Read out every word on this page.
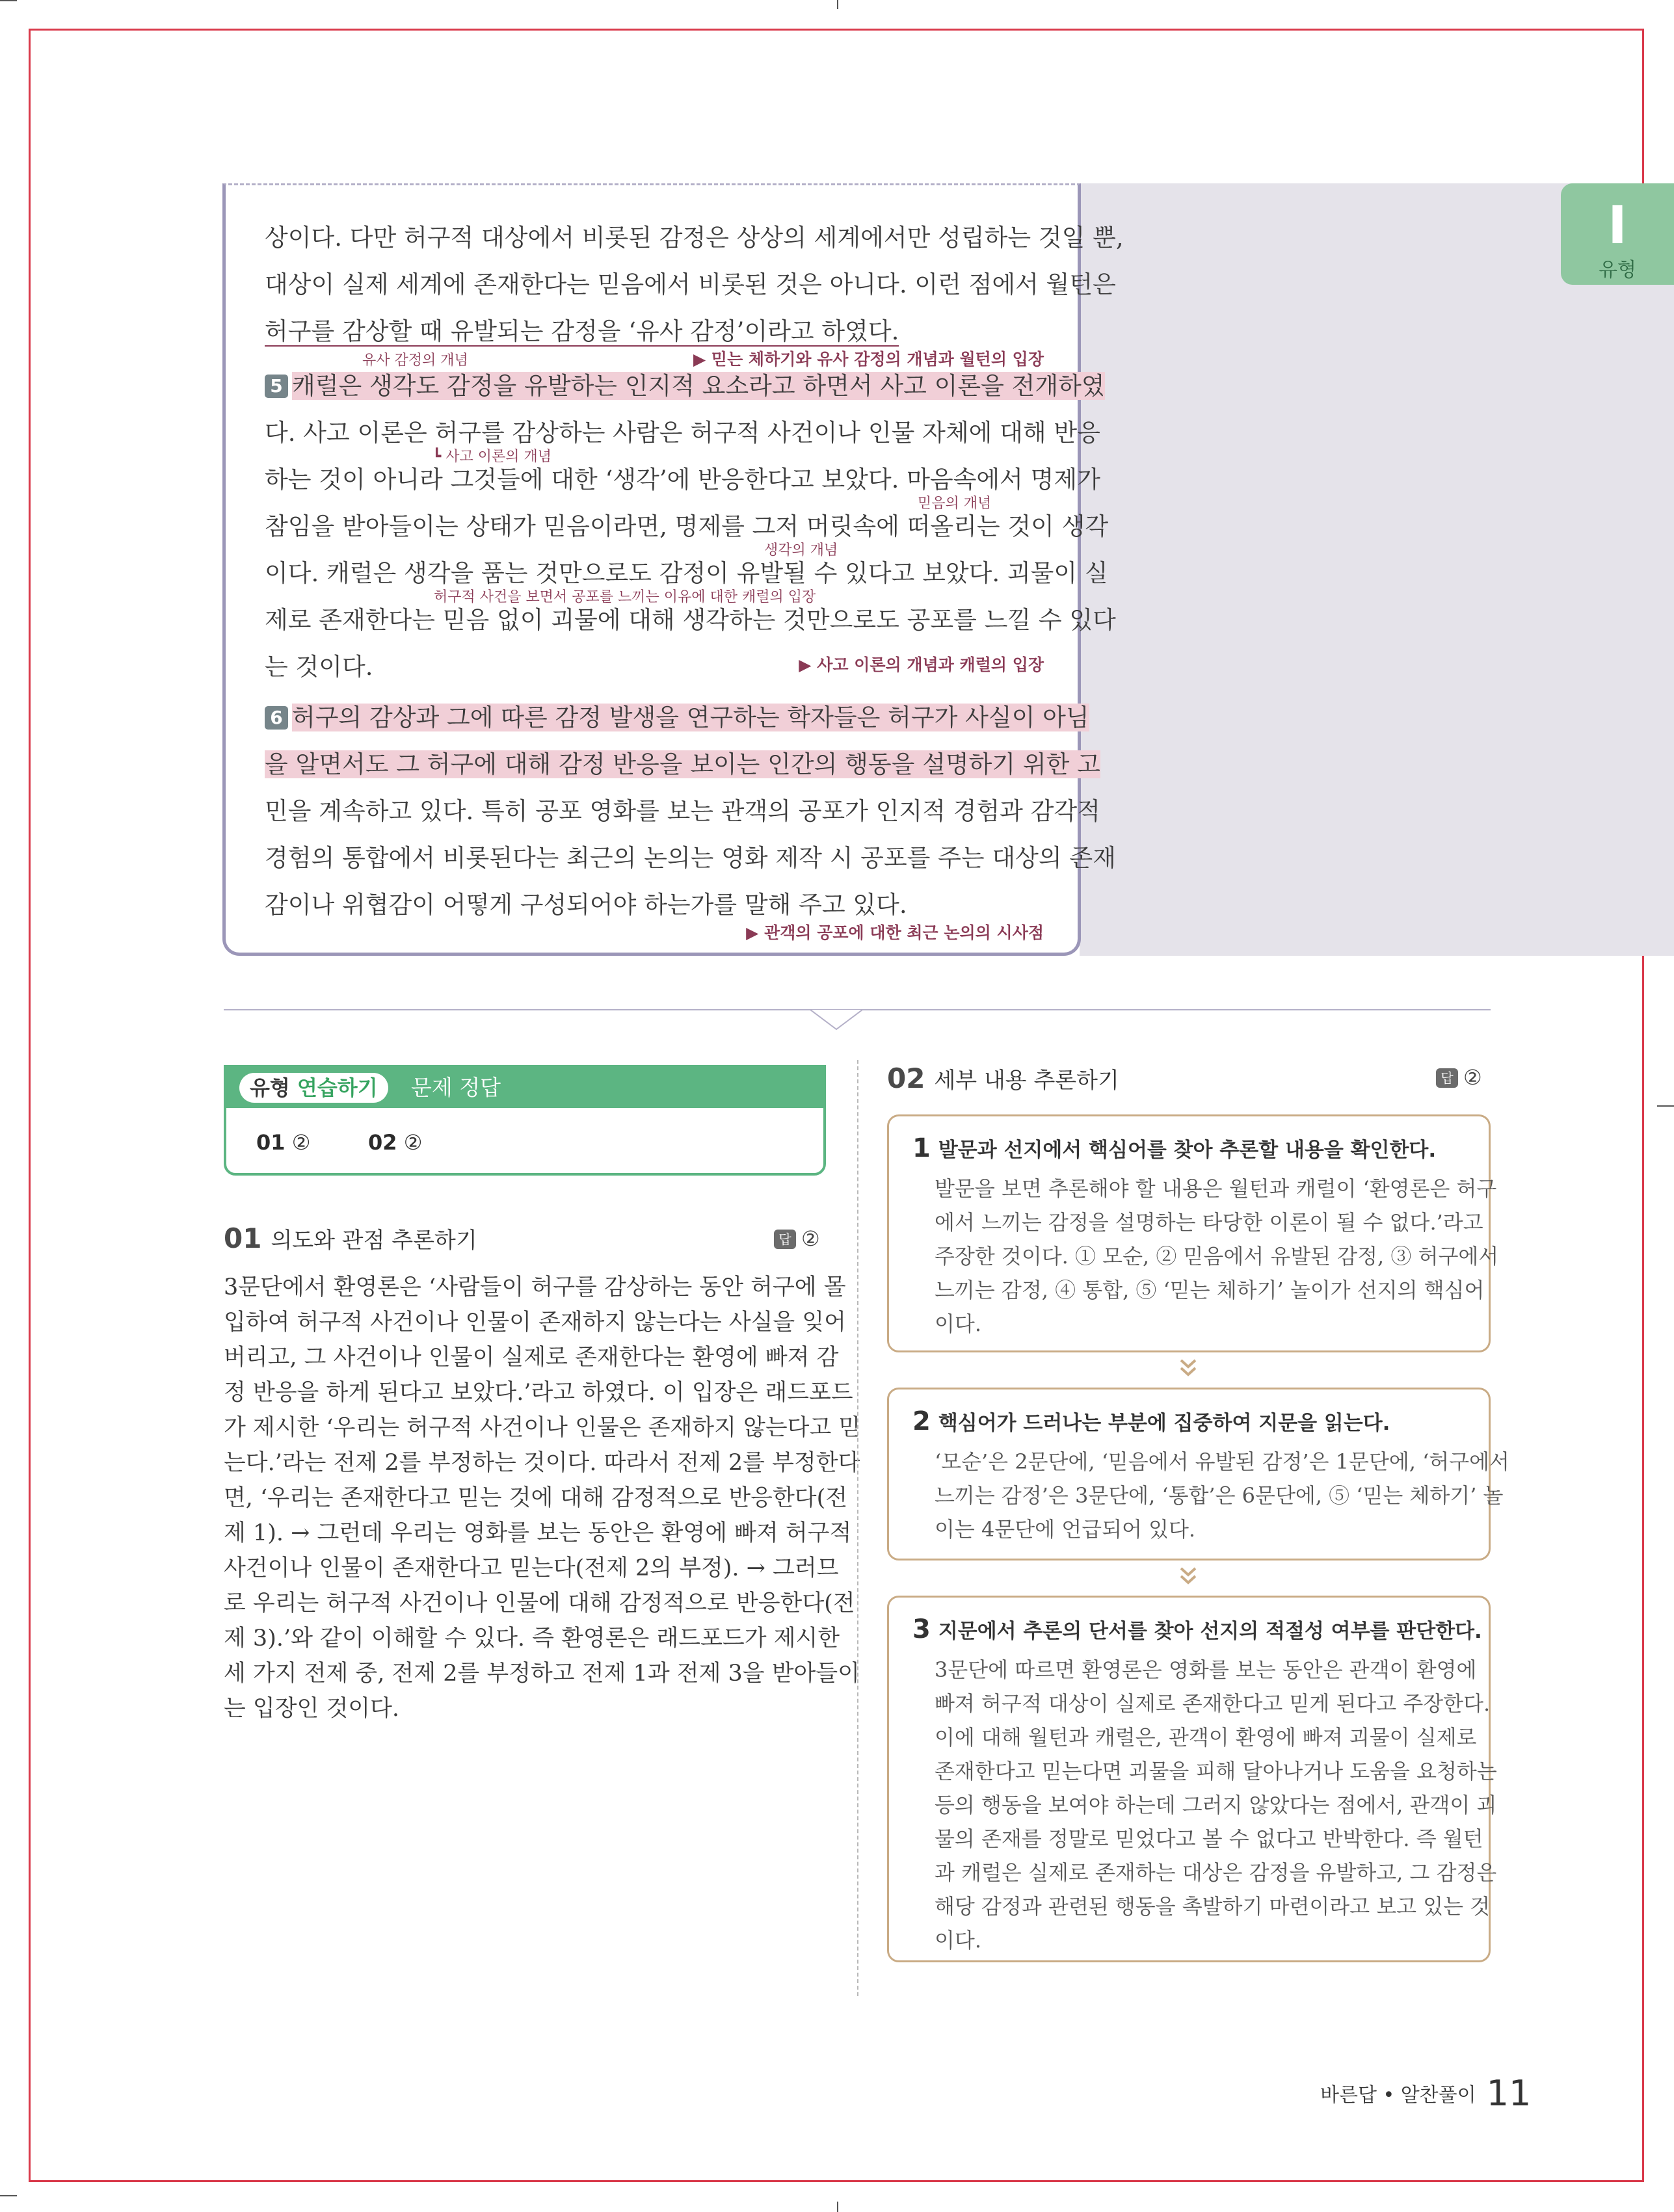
I
유형
상이다. 다만 허구적 대상에서 비롯된 감정은 상상의 세계에서만 성립하는 것일 뿐,
대상이 실제 세계에 존재한다는 믿음에서 비롯된 것은 아니다. 이런 점에서 월턴은
허구를 감상할 때 유발되는 감정을 ‘유사 감정’이라고 하였다.
유사 감정의 개념	▶ 믿는 체하기와 유사 감정의 개념과 월턴의 입장
5 캐럴은 생각도 감정을 유발하는 인지적 요소라고 하면서 사고 이론을 전개하였
다. 사고 이론은 허구를 감상하는 사람은 허구적 사건이나 인물 자체에 대해 반응
┗ 사고 이론의 개념
하는 것이 아니라 그것들에 대한 ‘생각’에 반응한다고 보았다. 마음속에서 명제가
믿음의 개념
참임을 받아들이는 상태가 믿음이라면, 명제를 그저 머릿속에 떠올리는 것이 생각
생각의 개념
이다. 캐럴은 생각을 품는 것만으로도 감정이 유발될 수 있다고 보았다. 괴물이 실
허구적 사건을 보면서 공포를 느끼는 이유에 대한 캐럴의 입장
제로 존재한다는 믿음 없이 괴물에 대해 생각하는 것만으로도 공포를 느낄 수 있다
는 것이다.	▶ 사고 이론의 개념과 캐럴의 입장
6 허구의 감상과 그에 따른 감정 발생을 연구하는 학자들은 허구가 사실이 아님
을 알면서도 그 허구에 대해 감정 반응을 보이는 인간의 행동을 설명하기 위한 고
민을 계속하고 있다. 특히 공포 영화를 보는 관객의 공포가 인지적 경험과 감각적
경험의 통합에서 비롯된다는 최근의 논의는 영화 제작 시 공포를 주는 대상의 존재
감이나 위협감이 어떻게 구성되어야 하는가를 말해 주고 있다.
▶ 관객의 공포에 대한 최근 논의의 시사점
유형 연습하기	문제 정답
01 ②	02 ②
01 의도와 관점 추론하기	답 ②
3문단에서 환영론은 ‘사람들이 허구를 감상하는 동안 허구에 몰
입하여 허구적 사건이나 인물이 존재하지 않는다는 사실을 잊어
버리고, 그 사건이나 인물이 실제로 존재한다는 환영에 빠져 감
정 반응을 하게 된다고 보았다.’라고 하였다. 이 입장은 래드포드
가 제시한 ‘우리는 허구적 사건이나 인물은 존재하지 않는다고 믿
는다.’라는 전제 2를 부정하는 것이다. 따라서 전제 2를 부정한다
면, ‘우리는 존재한다고 믿는 것에 대해 감정적으로 반응한다(전
제 1). → 그런데 우리는 영화를 보는 동안은 환영에 빠져 허구적
사건이나 인물이 존재한다고 믿는다(전제 2의 부정). → 그러므
로 우리는 허구적 사건이나 인물에 대해 감정적으로 반응한다(전
제 3).’와 같이 이해할 수 있다. 즉 환영론은 래드포드가 제시한
세 가지 전제 중, 전제 2를 부정하고 전제 1과 전제 3을 받아들이
는 입장인 것이다.
02 세부 내용 추론하기	답 ②
1 발문과 선지에서 핵심어를 찾아 추론할 내용을 확인한다.
발문을 보면 추론해야 할 내용은 월턴과 캐럴이 ‘환영론은 허구
에서 느끼는 감정을 설명하는 타당한 이론이 될 수 없다.’라고
주장한 것이다. ① 모순, ② 믿음에서 유발된 감정, ③ 허구에서
느끼는 감정, ④ 통합, ⑤ ‘믿는 체하기’ 놀이가 선지의 핵심어
이다.
2 핵심어가 드러나는 부분에 집중하여 지문을 읽는다.
‘모순’은 2문단에, ‘믿음에서 유발된 감정’은 1문단에, ‘허구에서
느끼는 감정’은 3문단에, ‘통합’은 6문단에, ⑤ ‘믿는 체하기’ 놀
이는 4문단에 언급되어 있다.
3 지문에서 추론의 단서를 찾아 선지의 적절성 여부를 판단한다.
3문단에 따르면 환영론은 영화를 보는 동안은 관객이 환영에
빠져 허구적 대상이 실제로 존재한다고 믿게 된다고 주장한다.
이에 대해 월턴과 캐럴은, 관객이 환영에 빠져 괴물이 실제로
존재한다고 믿는다면 괴물을 피해 달아나거나 도움을 요청하는
등의 행동을 보여야 하는데 그러지 않았다는 점에서, 관객이 괴
물의 존재를 정말로 믿었다고 볼 수 없다고 반박한다. 즉 월턴
과 캐럴은 실제로 존재하는 대상은 감정을 유발하고, 그 감정은
해당 감정과 관련된 행동을 촉발하기 마련이라고 보고 있는 것
이다.
바른답 • 알찬풀이 11
